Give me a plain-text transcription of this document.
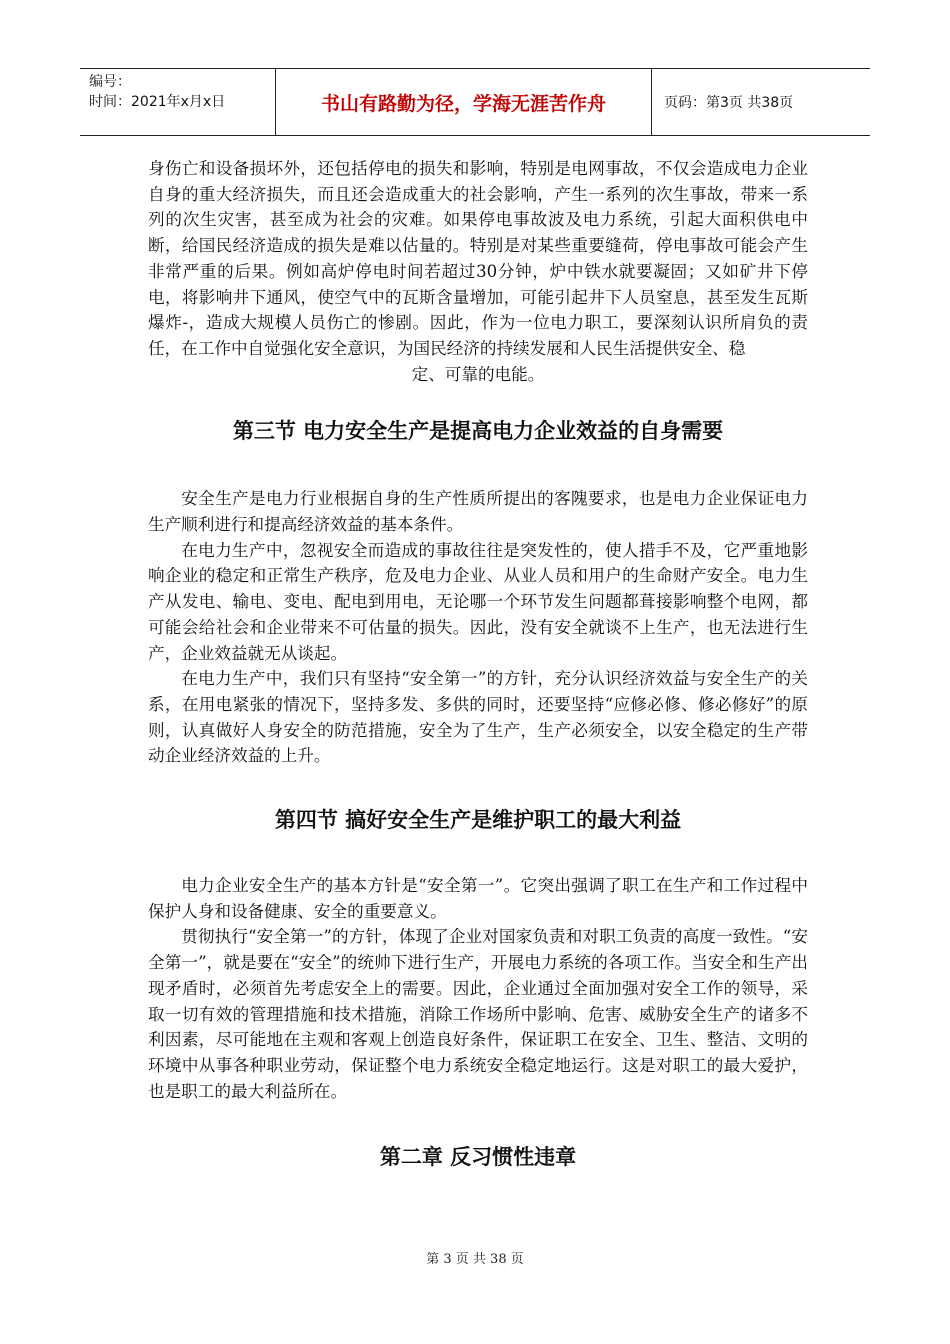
编号：
时间：2021年x月x日	书山有路勤为径，学海无涯苦作舟	页码：第3页 共38页

身伤亡和设备损坏外，还包括停电的损失和影响，特别是电网事故，不仅会造成电力企业自身的重大经济损失，而且还会造成重大的社会影响，产生一系列的次生事故，带来一系列的次生灾害，甚至成为社会的灾难。如果停电事故波及电力系统，引起大面积供电中断，给国民经济造成的损失是难以估量的。特别是对某些重要缝荷，停电事故可能会产生非常严重的后果。例如高炉停电时间若超过30分钟，炉中铁水就要凝固；又如矿井下停电，将影响井下通风，使空气中的瓦斯含量增加，可能引起井下人员窒息，甚至发生瓦斯爆炸-，造成大规模人员伤亡的惨剧。因此，作为一位电力职工，要深刻认识所肩负的责任，在工作中自觉强化安全意识，为国民经济的持续发展和人民生活提供安全、稳

定、可靠的电能。

第三节 电力安全生产是提高电力企业效益的自身需要

安全生产是电力行业根据自身的生产性质所提出的客隗要求，也是电力企业保证电力生产顺利进行和提高经济效益的基本条件。

在电力生产中，忽视安全而造成的事故往往是突发性的，使人措手不及，它严重地影响企业的稳定和正常生产秩序，危及电力企业、从业人员和用户的生命财产安全。电力生产从发电、输电、变电、配电到用电，无论哪一个环节发生问题都葺接影响整个电网，都可能会给社会和企业带来不可估量的损失。因此，没有安全就谈不上生产，也无法进行生产，企业效益就无从谈起。

在电力生产中，我们只有坚持“安全第一”的方针，充分认识经济效益与安全生产的关系，在用电紧张的情况下，坚持多发、多供的同时，还要坚持“应修必修、修必修好”的原则，认真做好人身安全的防范措施，安全为了生产，生产必须安全，以安全稳定的生产带动企业经济效益的上升。

第四节 搞好安全生产是维护职工的最大利益

电力企业安全生产的基本方针是“安全第一”。它突出强调了职工在生产和工作过程中保护人身和设备健康、安全的重要意义。

贯彻执行“安全第一”的方针，体现了企业对国家负责和对职工负责的高度一致性。“安全第一”，就是要在“安全”的统帅下进行生产，开展电力系统的各项工作。当安全和生产出现矛盾时，必须首先考虑安全上的需要。因此，企业通过全面加强对安全工作的领导，采取一切有效的管理措施和技术措施，消除工作场所中影响、危害、威胁安全生产的诸多不利因素，尽可能地在主观和客观上创造良好条件，保证职工在安全、卫生、整洁、文明的环境中从事各种职业劳动，保证整个电力系统安全稳定地运行。这是对职工的最大爱护，也是职工的最大利益所在。

第二章 反习惯性违章
第 3 页 共 38 页
